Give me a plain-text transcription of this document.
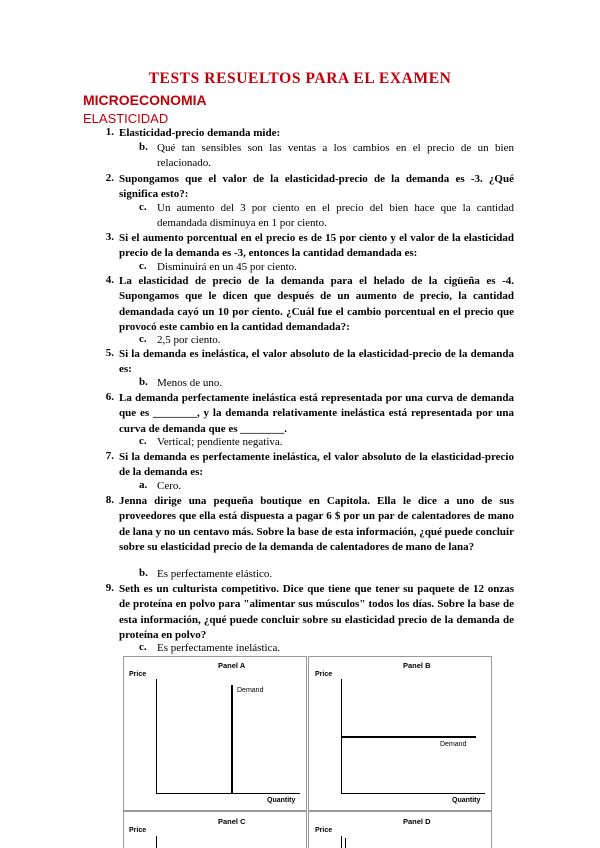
TESTS RESUELTOS PARA EL EXAMEN
MICROECONOMIA
ELASTICIDAD
1. Elasticidad-precio demanda mide:
b. Qué tan sensibles son las ventas a los cambios en el precio de un bien relacionado.
2. Supongamos que el valor de la elasticidad-precio de la demanda es -3. ¿Qué significa esto?:
c. Un aumento del 3 por ciento en el precio del bien hace que la cantidad demandada disminuya en 1 por ciento.
3. Si el aumento porcentual en el precio es de 15 por ciento y el valor de la elasticidad precio de la demanda es -3, entonces la cantidad demandada es:
c. Disminuirá en un 45 por ciento.
4. La elasticidad de precio de la demanda para el helado de la cigüeña es -4. Supongamos que le dicen que después de un aumento de precio, la cantidad demandada cayó un 10 por ciento. ¿Cuál fue el cambio porcentual en el precio que provocó este cambio en la cantidad demandada?:
c. 2,5 por ciento.
5. Si la demanda es inelástica, el valor absoluto de la elasticidad-precio de la demanda es:
b. Menos de uno.
6. La demanda perfectamente inelástica está representada por una curva de demanda que es ________, y la demanda relativamente inelástica está representada por una curva de demanda que es ________.
c. Vertical; pendiente negativa.
7. Si la demanda es perfectamente inelástica, el valor absoluto de la elasticidad-precio de la demanda es:
a. Cero.
8. Jenna dirige una pequeña boutique en Capitola. Ella le dice a uno de sus proveedores que ella está dispuesta a pagar 6 $ por un par de calentadores de mano de lana y no un centavo más. Sobre la base de esta información, ¿qué puede concluir sobre su elasticidad precio de la demanda de calentadores de mano de lana?
b. Es perfectamente elástico.
9. Seth es un culturista competitivo. Dice que tiene que tener su paquete de 12 onzas de proteína en polvo para "alimentar sus músculos" todos los días. Sobre la base de esta información, ¿qué puede concluir sobre su elasticidad precio de la demanda de proteína en polvo?
c. Es perfectamente inelástica.
Panel A
Price
Demand
Quantity
Panel B
Price
Demand
Quantity
Panel C
Price
Panel D
Price
